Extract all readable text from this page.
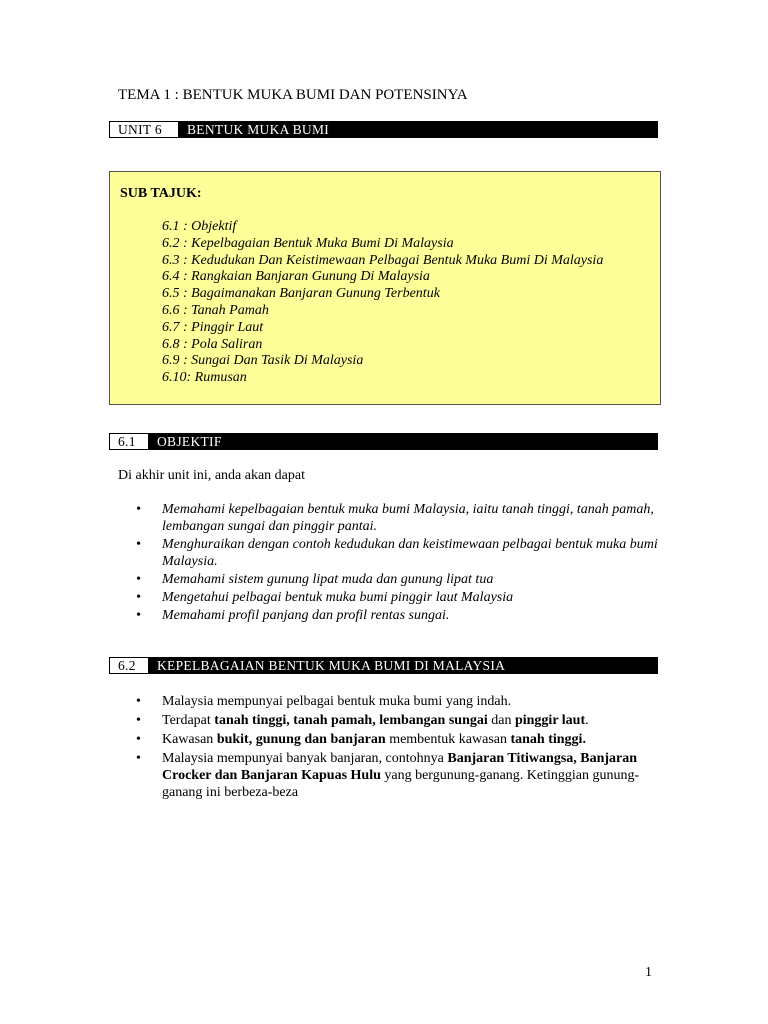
TEMA 1 : BENTUK MUKA BUMI DAN POTENSINYA
UNIT 6	BENTUK MUKA BUMI
SUB TAJUK:
6.1 : Objektif
6.2 : Kepelbagaian Bentuk Muka Bumi Di Malaysia
6.3 : Kedudukan Dan Keistimewaan Pelbagai Bentuk Muka Bumi Di Malaysia
6.4 : Rangkaian Banjaran Gunung Di Malaysia
6.5 : Bagaimanakan Banjaran Gunung Terbentuk
6.6 : Tanah Pamah
6.7 : Pinggir Laut
6.8 : Pola Saliran
6.9 : Sungai Dan Tasik Di Malaysia
6.10: Rumusan
6.1	OBJEKTIF
Di akhir unit ini, anda akan dapat
• Memahami kepelbagaian bentuk muka bumi Malaysia, iaitu tanah tinggi, tanah pamah, lembangan sungai dan pinggir pantai.
• Menghuraikan dengan contoh kedudukan dan keistimewaan pelbagai bentuk muka bumi Malaysia.
• Memahami sistem gunung lipat muda dan gunung lipat tua
• Mengetahui pelbagai bentuk muka bumi pinggir laut Malaysia
• Memahami profil panjang dan profil rentas sungai.
6.2	KEPELBAGAIAN BENTUK MUKA BUMI DI MALAYSIA
• Malaysia mempunyai pelbagai bentuk muka bumi yang indah.
• Terdapat tanah tinggi, tanah pamah, lembangan sungai dan pinggir laut.
• Kawasan bukit, gunung dan banjaran membentuk kawasan tanah tinggi.
• Malaysia mempunyai banyak banjaran, contohnya Banjaran Titiwangsa, Banjaran Crocker dan Banjaran Kapuas Hulu yang bergunung-ganang. Ketinggian gunung-ganang ini berbeza-beza
1
